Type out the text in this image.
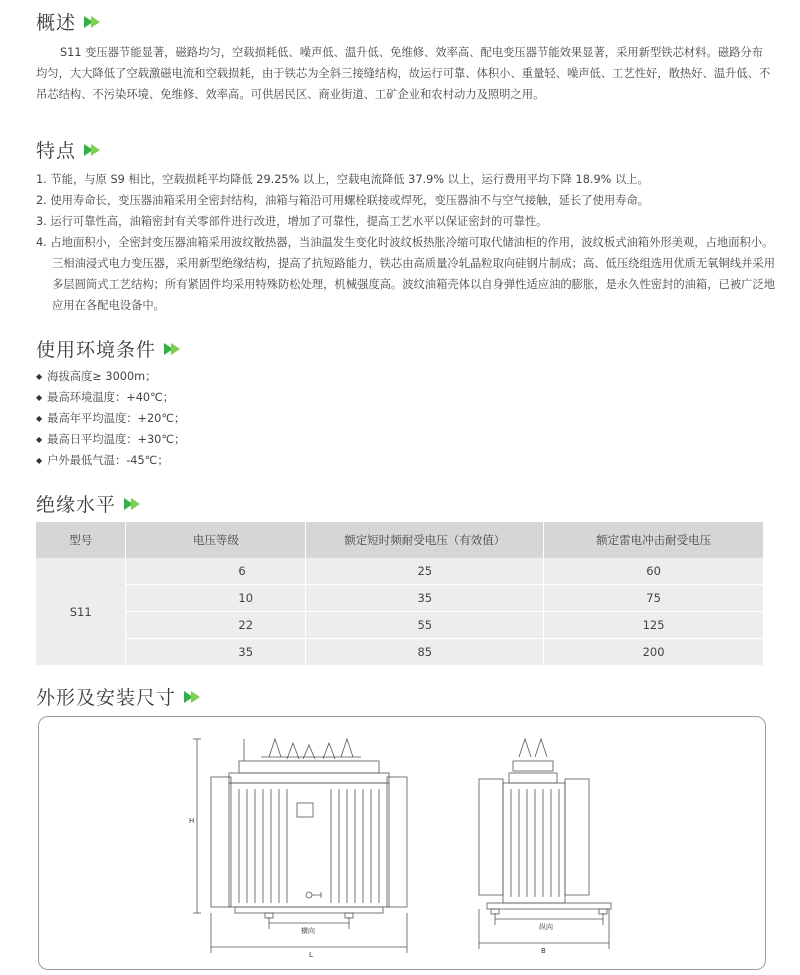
概述

S11 变压器节能显著，磁路均匀，空载损耗低、噪声低、温升低、免维修、效率高、配电变压器节能效果显著，采用新型铁芯材料。磁路分布均匀，大大降低了空载激磁电流和空载损耗，由于铁芯为全斜三接缝结构，故运行可靠、体积小、重量轻、噪声低、工艺性好，散热好、温升低、不吊芯结构、不污染环境、免维修、效率高。可供居民区、商业街道、工矿企业和农村动力及照明之用。

特点
1. 节能，与原 S9 相比，空载损耗平均降低 29.25% 以上，空载电流降低 37.9% 以上，运行费用平均下降 18.9% 以上。
2. 使用寿命长，变压器油箱采用全密封结构，油箱与箱沿可用螺栓联接或焊死，变压器油不与空气接触，延长了使用寿命。
3. 运行可靠性高，油箱密封有关零部件进行改进，增加了可靠性，提高工艺水平以保证密封的可靠性。
4. 占地面积小，全密封变压器油箱采用波纹散热器，当油温发生变化时波纹板热胀冷缩可取代储油柜的作用，波纹板式油箱外形美观，占地面积小。三相油浸式电力变压器，采用新型绝缘结构，提高了抗短路能力，铁芯由高质量冷轧晶粒取向硅钢片制成；高、低压绕组选用优质无氧铜线并采用多层圆筒式工艺结构；所有紧固件均采用特殊防松处理，机械强度高。波纹油箱壳体以自身弹性适应油的膨胀，是永久性密封的油箱，已被广泛地应用在各配电设备中。
使用环境条件
◆ 海拔高度≥ 3000m；
◆ 最高环境温度：+40℃；
◆ 最高年平均温度：+20℃；
◆ 最高日平均温度：+30℃；
◆ 户外最低气温：-45℃；
绝缘水平
型号	电压等级	额定短时频耐受电压（有效值）	额定雷电冲击耐受电压
S11	6	25	60
	10	35	75
	22	55	125
	35	85	200
外形及安装尺寸
H
横向
L
纵向
B
